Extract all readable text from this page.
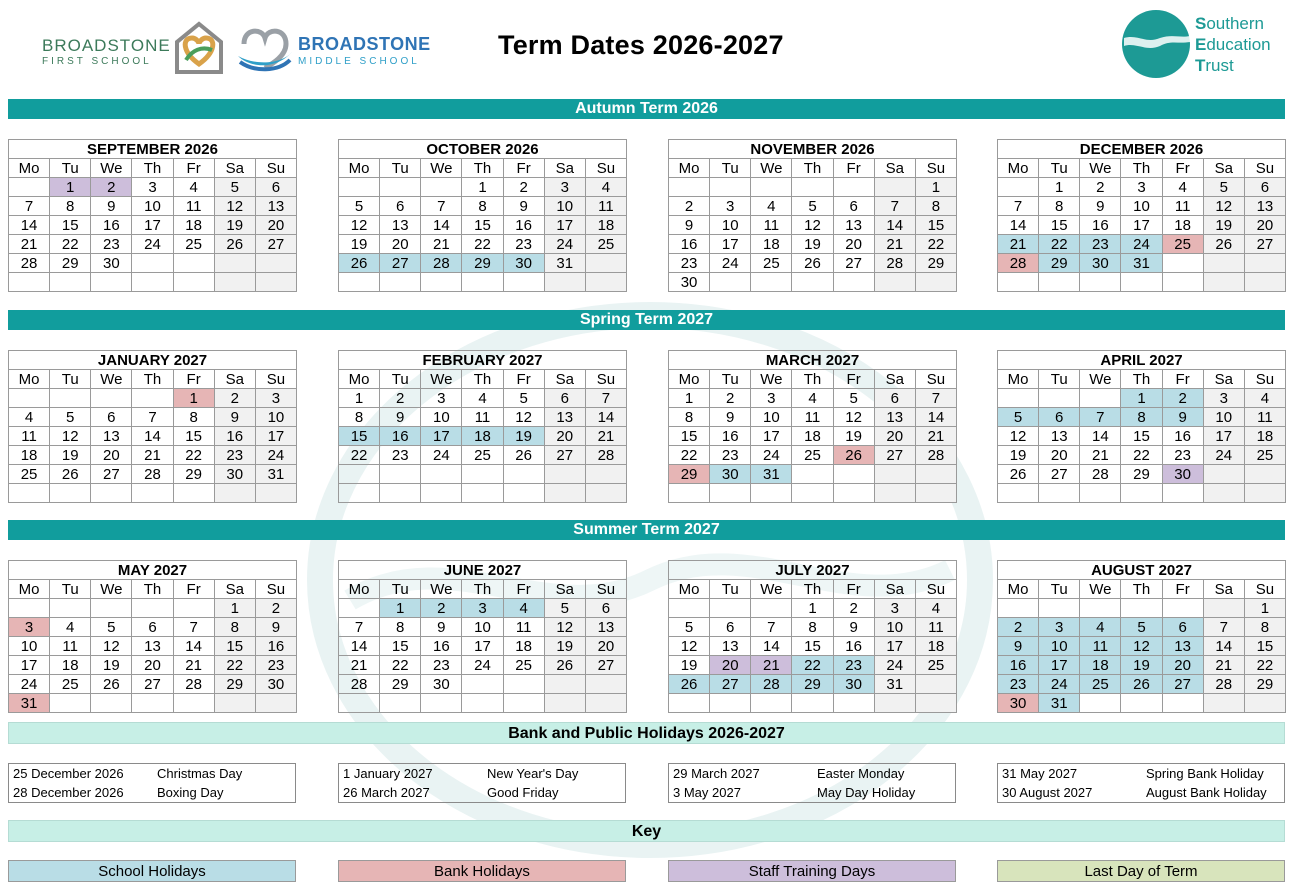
BROADSTONE
FIRST SCHOOL
BROADSTONE
MIDDLE SCHOOL
Term Dates 2026-2027
Southern
Education
Trust
Autumn Term 2026
SEPTEMBER 2026						
Mo	Tu	We	Th	Fr	Sa	Su
	1	2	3	4	5	6
7	8	9	10	11	12	13
14	15	16	17	18	19	20
21	22	23	24	25	26	27
28	29	30				

OCTOBER 2026						
Mo	Tu	We	Th	Fr	Sa	Su
			1	2	3	4
5	6	7	8	9	10	11
12	13	14	15	16	17	18
19	20	21	22	23	24	25
26	27	28	29	30	31	

NOVEMBER 2026						
Mo	Tu	We	Th	Fr	Sa	Su
						1
2	3	4	5	6	7	8
9	10	11	12	13	14	15
16	17	18	19	20	21	22
23	24	25	26	27	28	29
30						
DECEMBER 2026						
Mo	Tu	We	Th	Fr	Sa	Su
	1	2	3	4	5	6
7	8	9	10	11	12	13
14	15	16	17	18	19	20
21	22	23	24	25	26	27
28	29	30	31			

Spring Term 2027
JANUARY 2027						
Mo	Tu	We	Th	Fr	Sa	Su
				1	2	3
4	5	6	7	8	9	10
11	12	13	14	15	16	17
18	19	20	21	22	23	24
25	26	27	28	29	30	31

FEBRUARY 2027						
Mo	Tu	We	Th	Fr	Sa	Su
1	2	3	4	5	6	7
8	9	10	11	12	13	14
15	16	17	18	19	20	21
22	23	24	25	26	27	28

MARCH 2027						
Mo	Tu	We	Th	Fr	Sa	Su
1	2	3	4	5	6	7
8	9	10	11	12	13	14
15	16	17	18	19	20	21
22	23	24	25	26	27	28
29	30	31				

APRIL 2027						
Mo	Tu	We	Th	Fr	Sa	Su
			1	2	3	4
5	6	7	8	9	10	11
12	13	14	15	16	17	18
19	20	21	22	23	24	25
26	27	28	29	30		

Summer Term 2027
MAY 2027						
Mo	Tu	We	Th	Fr	Sa	Su
					1	2
3	4	5	6	7	8	9
10	11	12	13	14	15	16
17	18	19	20	21	22	23
24	25	26	27	28	29	30
31						
JUNE 2027						
Mo	Tu	We	Th	Fr	Sa	Su
	1	2	3	4	5	6
7	8	9	10	11	12	13
14	15	16	17	18	19	20
21	22	23	24	25	26	27
28	29	30				

JULY 2027						
Mo	Tu	We	Th	Fr	Sa	Su
			1	2	3	4
5	6	7	8	9	10	11
12	13	14	15	16	17	18
19	20	21	22	23	24	25
26	27	28	29	30	31	

AUGUST 2027						
Mo	Tu	We	Th	Fr	Sa	Su
						1
2	3	4	5	6	7	8
9	10	11	12	13	14	15
16	17	18	19	20	21	22
23	24	25	26	27	28	29
30	31					
Bank and Public Holidays 2026-2027
25 December 2026	Christmas Day
28 December 2026	Boxing Day
1 January 2027	New Year's Day
26 March 2027	Good Friday
29 March 2027	Easter Monday
3 May 2027	May Day Holiday
31 May 2027	Spring Bank Holiday
30 August 2027	August Bank Holiday
Key
School Holidays	Bank Holidays	Staff Training Days	Last Day of Term
